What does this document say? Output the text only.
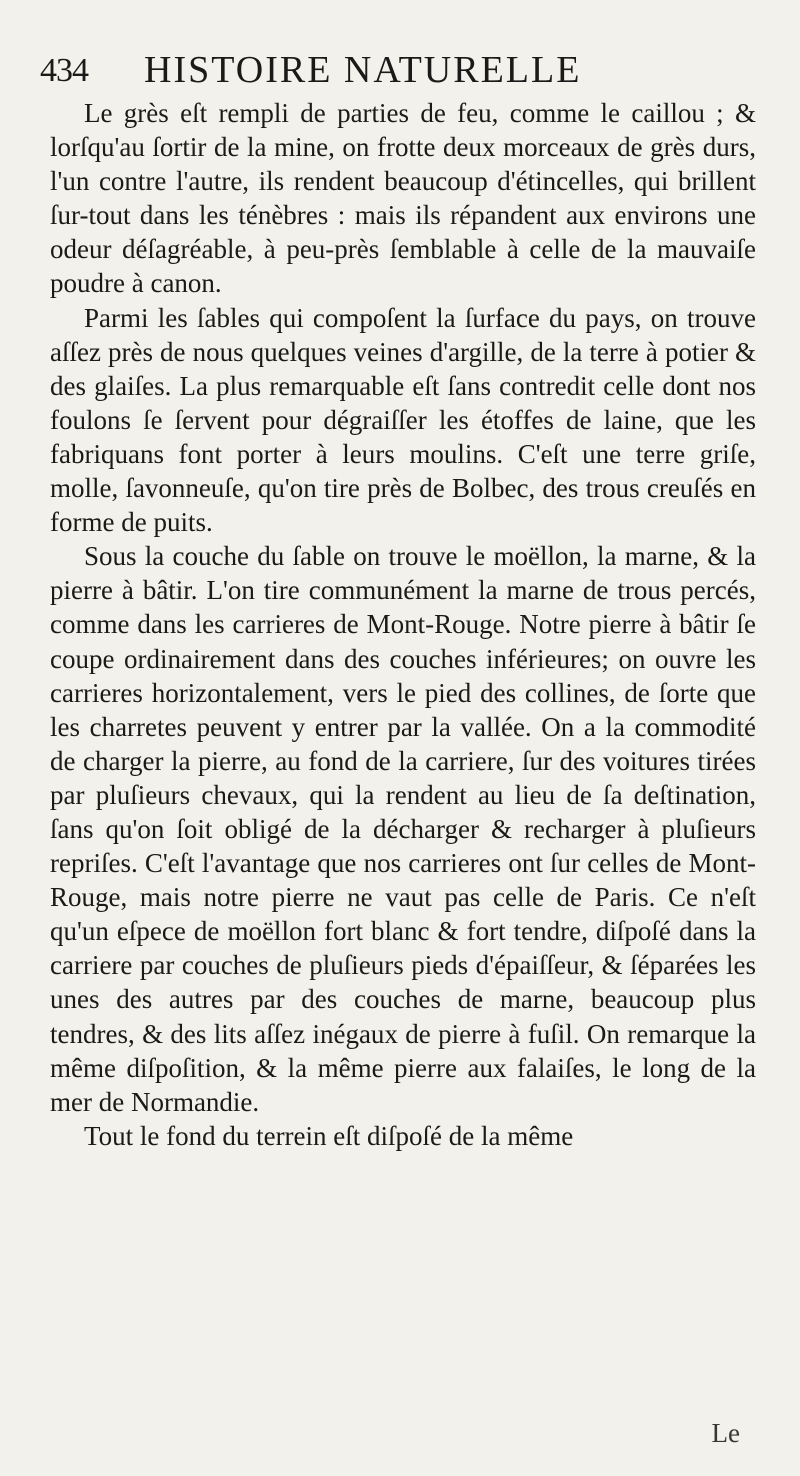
434 HISTOIRE NATURELLE

Le grès eſt rempli de parties de feu, comme le caillou ; & lorſqu'au ſortir de la mine, on frotte deux morceaux de grès durs, l'un contre l'autre, ils rendent beaucoup d'étincelles, qui brillent ſur-tout dans les ténèbres : mais ils répandent aux environs une odeur déſagréable, à peu-près ſemblable à celle de la mauvaiſe poudre à canon.

Parmi les ſables qui compoſent la ſurface du pays, on trouve aſſez près de nous quelques veines d'argille, de la terre à potier & des glaiſes. La plus remarquable eſt ſans contredit celle dont nos foulons ſe ſervent pour dégraiſſer les étoffes de laine, que les fabriquans font porter à leurs moulins. C'eſt une terre griſe, molle, ſavonneuſe, qu'on tire près de Bolbec, des trous creuſés en forme de puits.

Sous la couche du ſable on trouve le moëllon, la marne, & la pierre à bâtir. L'on tire communément la marne de trous percés, comme dans les carrieres de Mont-Rouge. Notre pierre à bâtir ſe coupe ordinairement dans des couches inférieures; on ouvre les carrieres horizontalement, vers le pied des collines, de ſorte que les charretes peuvent y entrer par la vallée. On a la commodité de charger la pierre, au fond de la carriere, ſur des voitures tirées par pluſieurs chevaux, qui la rendent au lieu de ſa deſtination, ſans qu'on ſoit obligé de la décharger & recharger à pluſieurs repriſes. C'eſt l'avantage que nos carrieres ont ſur celles de Mont-Rouge, mais notre pierre ne vaut pas celle de Paris. Ce n'eſt qu'un eſpece de moëllon fort blanc & fort tendre, diſpoſé dans la carriere par couches de pluſieurs pieds d'épaiſſeur, & ſéparées les unes des autres par des couches de marne, beaucoup plus tendres, & des lits aſſez inégaux de pierre à fuſil. On remarque la même diſpoſition, & la même pierre aux falaiſes, le long de la mer de Normandie.

Tout le fond du terrein eſt diſpoſé de la même

Le
